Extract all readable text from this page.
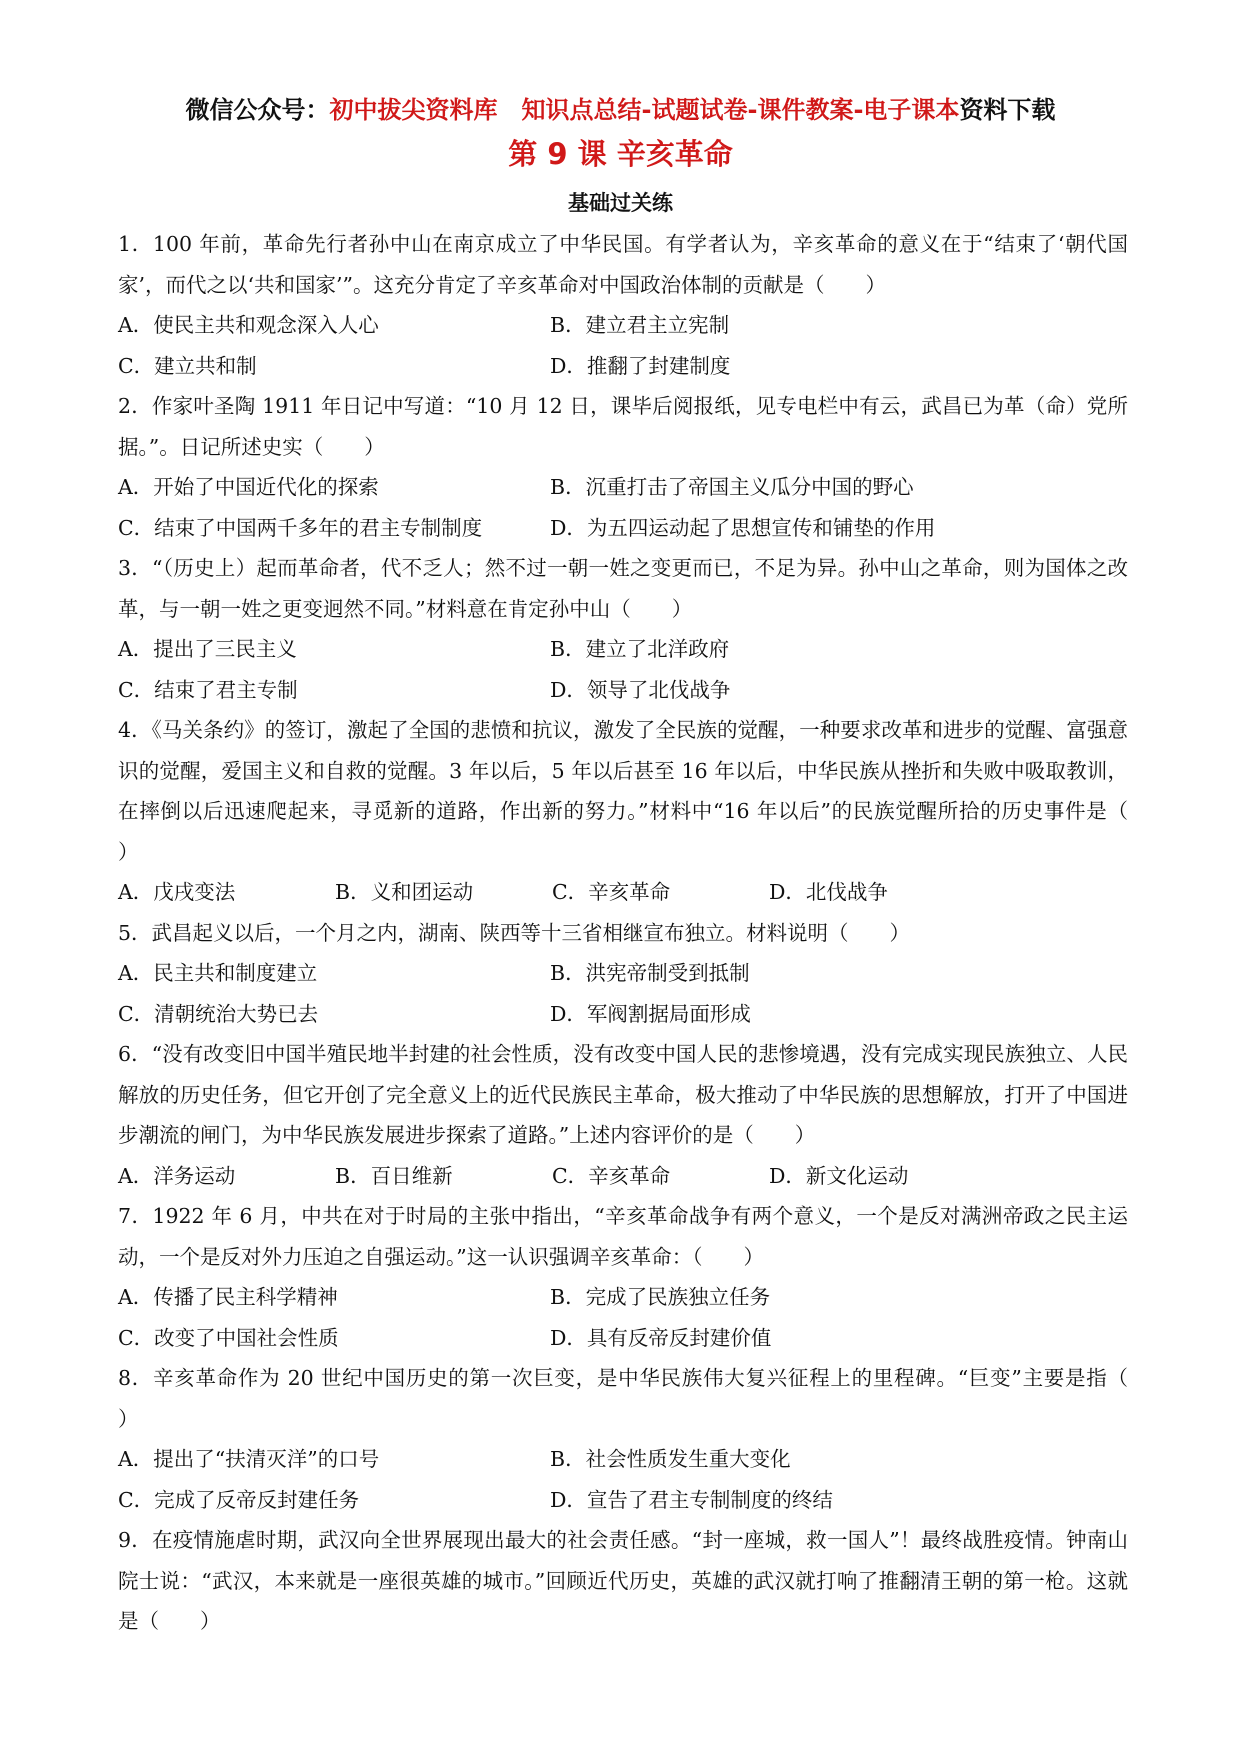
微信公众号：初中拔尖资料库　知识点总结-试题试卷-课件教案-电子课本资料下载
第 9 课 辛亥革命
基础过关练
1．100 年前，革命先行者孙中山在南京成立了中华民国。有学者认为，辛亥革命的意义在于“结束了‘朝代国家’，而代之以‘共和国家’”。这充分肯定了辛亥革命对中国政治体制的贡献是（　　）
A．使民主共和观念深入人心	B．建立君主立宪制
C．建立共和制	D．推翻了封建制度
2．作家叶圣陶 1911 年日记中写道：“10 月 12 日，课毕后阅报纸，见专电栏中有云，武昌已为革（命）党所据。”。日记所述史实（　　）
A．开始了中国近代化的探索	B．沉重打击了帝国主义瓜分中国的野心
C．结束了中国两千多年的君主专制制度	D．为五四运动起了思想宣传和铺垫的作用
3．“（历史上）起而革命者，代不乏人；然不过一朝一姓之变更而已，不足为异。孙中山之革命，则为国体之改革，与一朝一姓之更变迥然不同。”材料意在肯定孙中山（　　）
A．提出了三民主义	B．建立了北洋政府
C．结束了君主专制	D．领导了北伐战争
4．《马关条约》的签订，激起了全国的悲愤和抗议，激发了全民族的觉醒，一种要求改革和进步的觉醒、富强意识的觉醒，爱国主义和自救的觉醒。3 年以后，5 年以后甚至 16 年以后，中华民族从挫折和失败中吸取教训，在摔倒以后迅速爬起来，寻觅新的道路，作出新的努力。”材料中“16 年以后”的民族觉醒所拾的历史事件是（　　）
A．戊戌变法	B．义和团运动	C．辛亥革命	D．北伐战争
5．武昌起义以后，一个月之内，湖南、陕西等十三省相继宣布独立。材料说明（　　）
A．民主共和制度建立	B．洪宪帝制受到抵制
C．清朝统治大势已去	D．军阀割据局面形成
6．“没有改变旧中国半殖民地半封建的社会性质，没有改变中国人民的悲惨境遇，没有完成实现民族独立、人民解放的历史任务，但它开创了完全意义上的近代民族民主革命，极大推动了中华民族的思想解放，打开了中国进步潮流的闸门，为中华民族发展进步探索了道路。”上述内容评价的是（　　）
A．洋务运动	B．百日维新	C．辛亥革命	D．新文化运动
7．1922 年 6 月，中共在对于时局的主张中指出，“辛亥革命战争有两个意义，一个是反对满洲帝政之民主运动，一个是反对外力压迫之自强运动。”这一认识强调辛亥革命：（　　）
A．传播了民主科学精神	B．完成了民族独立任务
C．改变了中国社会性质	D．具有反帝反封建价值
8．辛亥革命作为 20 世纪中国历史的第一次巨变，是中华民族伟大复兴征程上的里程碑。“巨变”主要是指（　　）
A．提出了“扶清灭洋”的口号	B．社会性质发生重大变化
C．完成了反帝反封建任务	D．宣告了君主专制制度的终结
9．在疫情施虐时期，武汉向全世界展现出最大的社会责任感。“封一座城，救一国人”！最终战胜疫情。钟南山院士说：“武汉，本来就是一座很英雄的城市。”回顾近代历史，英雄的武汉就打响了推翻清王朝的第一枪。这就是（　　）
